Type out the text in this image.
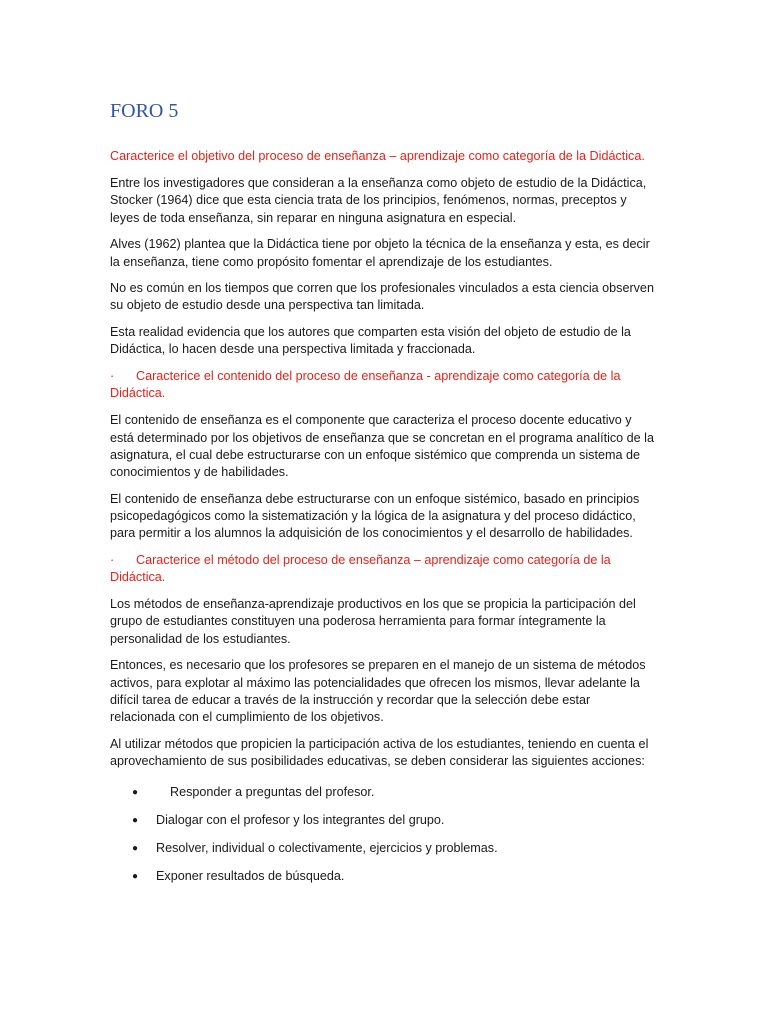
FORO 5

Caracterice el objetivo del proceso de enseñanza – aprendizaje como categoría de la Didáctica.

Entre los investigadores que consideran a la enseñanza como objeto de estudio de la Didáctica, Stocker (1964) dice que esta ciencia trata de los principios, fenómenos, normas, preceptos y leyes de toda enseñanza, sin reparar en ninguna asignatura en especial.

Alves (1962) plantea que la Didáctica tiene por objeto la técnica de la enseñanza y esta, es decir la enseñanza, tiene como propósito fomentar el aprendizaje de los estudiantes.

No es común en los tiempos que corren que los profesionales vinculados a esta ciencia observen su objeto de estudio desde una perspectiva tan limitada.

Esta realidad evidencia que los autores que comparten esta visión del objeto de estudio de la Didáctica, lo hacen desde una perspectiva limitada y fraccionada.

· Caracterice el contenido del proceso de enseñanza - aprendizaje como categoría de la Didáctica.

El contenido de enseñanza es el componente que caracteriza el proceso docente educativo y está determinado por los objetivos de enseñanza que se concretan en el programa analítico de la asignatura, el cual debe estructurarse con un enfoque sistémico que comprenda un sistema de conocimientos y de habilidades.

El contenido de enseñanza debe estructurarse con un enfoque sistémico, basado en principios psicopedagógicos como la sistematización y la lógica de la asignatura y del proceso didáctico, para permitir a los alumnos la adquisición de los conocimientos y el desarrollo de habilidades.

· Caracterice el método del proceso de enseñanza – aprendizaje como categoría de la Didáctica.

Los métodos de enseñanza-aprendizaje productivos en los que se propicia la participación del grupo de estudiantes constituyen una poderosa herramienta para formar íntegramente la personalidad de los estudiantes.

Entonces, es necesario que los profesores se preparen en el manejo de un sistema de métodos activos, para explotar al máximo las potencialidades que ofrecen los mismos, llevar adelante la difícil tarea de educar a través de la instrucción y recordar que la selección debe estar relacionada con el cumplimiento de los objetivos.

Al utilizar métodos que propicien la participación activa de los estudiantes, teniendo en cuenta el aprovechamiento de sus posibilidades educativas, se deben considerar las siguientes acciones:

●	Responder a preguntas del profesor.
● Dialogar con el profesor y los integrantes del grupo.
● Resolver, individual o colectivamente, ejercicios y problemas.
● Exponer resultados de búsqueda.
